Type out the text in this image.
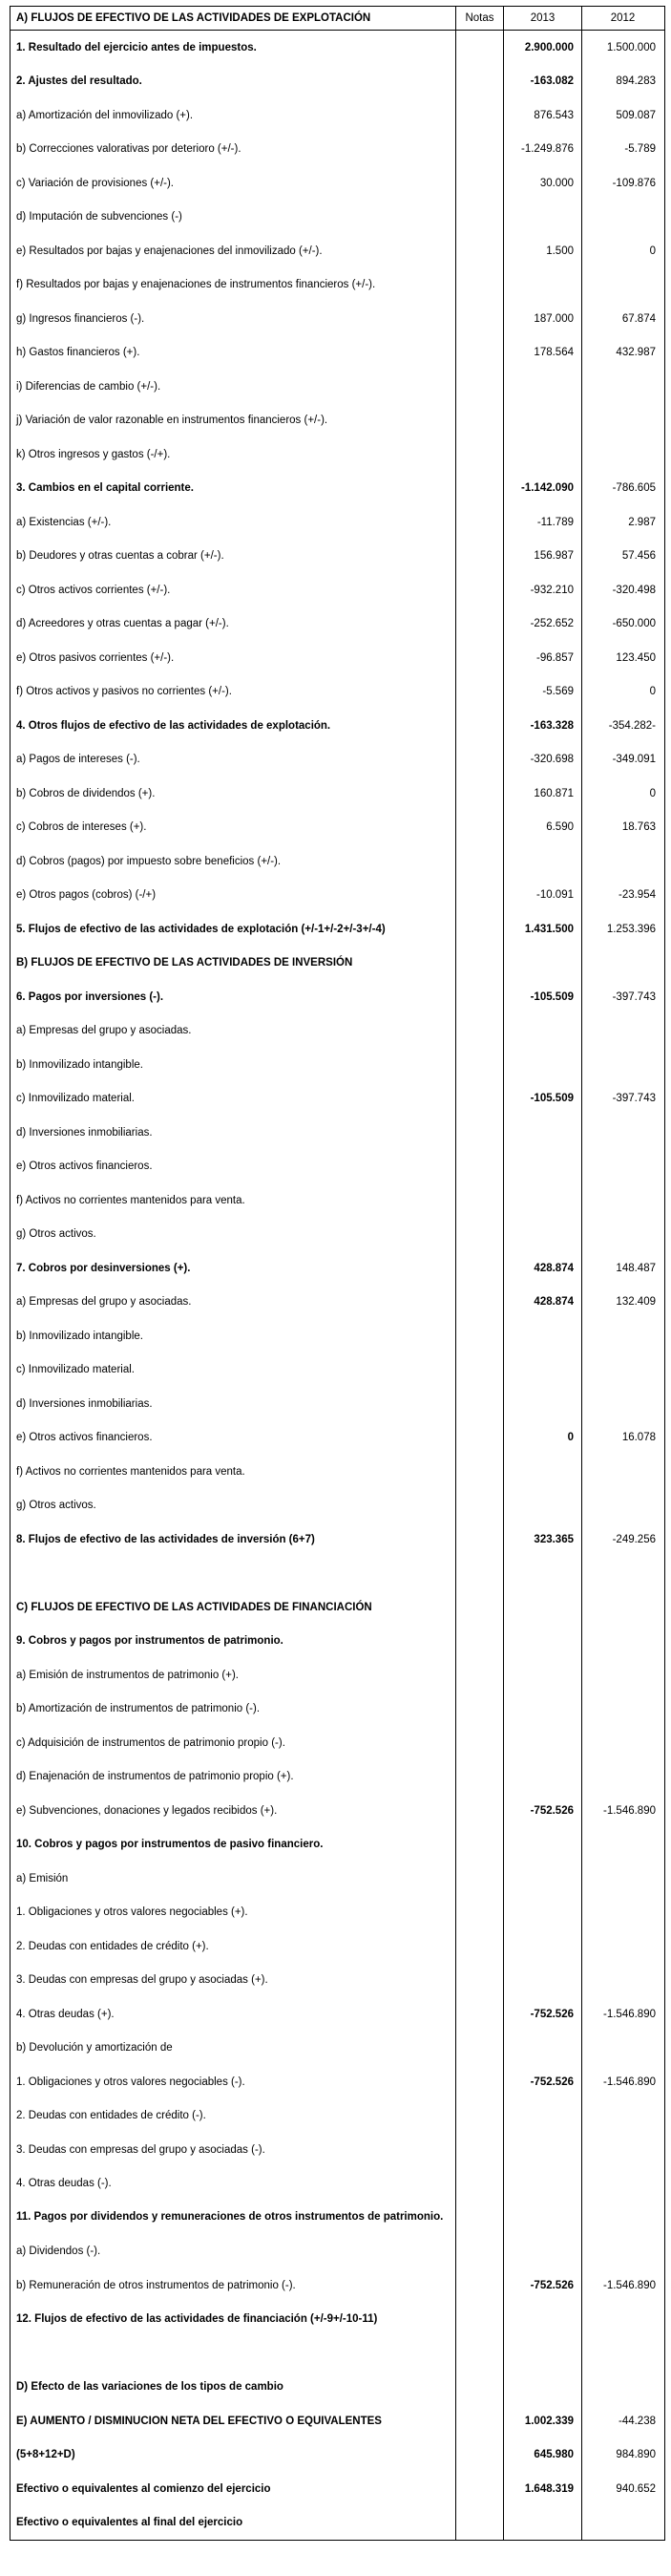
A) FLUJOS DE EFECTIVO DE LAS ACTIVIDADES DE EXPLOTACIÓN	Notas	2013	2012
1. Resultado del ejercicio antes de impuestos.	2.900.000	1.500.000
2. Ajustes del resultado.	-163.082	894.283
a) Amortización del inmovilizado (+).	876.543	509.087
b) Correcciones valorativas por deterioro (+/-).	-1.249.876	-5.789
c) Variación de provisiones (+/-).	30.000	-109.876
d) Imputación de subvenciones (-)
e) Resultados por bajas y enajenaciones del inmovilizado (+/-).	1.500	0
f) Resultados por bajas y enajenaciones de instrumentos financieros (+/-).
g) Ingresos financieros (-).	187.000	67.874
h) Gastos financieros (+).	178.564	432.987
i) Diferencias de cambio (+/-).
j) Variación de valor razonable en instrumentos financieros (+/-).
k) Otros ingresos y gastos (-/+).
3. Cambios en el capital corriente.	-1.142.090	-786.605
a) Existencias (+/-).	-11.789	2.987
b) Deudores y otras cuentas a cobrar (+/-).	156.987	57.456
c) Otros activos corrientes (+/-).	-932.210	-320.498
d) Acreedores y otras cuentas a pagar (+/-).	-252.652	-650.000
e) Otros pasivos corrientes (+/-).	-96.857	123.450
f) Otros activos y pasivos no corrientes (+/-).	-5.569	0
4. Otros flujos de efectivo de las actividades de explotación.	-163.328	-354.282-
a) Pagos de intereses (-).	-320.698	-349.091
b) Cobros de dividendos (+).	160.871	0
c) Cobros de intereses (+).	6.590	18.763
d) Cobros (pagos) por impuesto sobre beneficios (+/-).
e) Otros pagos (cobros) (-/+)	-10.091	-23.954
5. Flujos de efectivo de las actividades de explotación (+/-1+/-2+/-3+/-4)	1.431.500	1.253.396
B) FLUJOS DE EFECTIVO DE LAS ACTIVIDADES DE INVERSIÓN
6. Pagos por inversiones (-).	-105.509	-397.743
a) Empresas del grupo y asociadas.
b) Inmovilizado intangible.
c) Inmovilizado material.	-105.509	-397.743
d) Inversiones inmobiliarias.
e) Otros activos financieros.
f) Activos no corrientes mantenidos para venta.
g) Otros activos.
7. Cobros por desinversiones (+).	428.874	148.487
a) Empresas del grupo y asociadas.	428.874	132.409
b) Inmovilizado intangible.
c) Inmovilizado material.
d) Inversiones inmobiliarias.
e) Otros activos financieros.	0	16.078
f) Activos no corrientes mantenidos para venta.
g) Otros activos.
8. Flujos de efectivo de las actividades de inversión (6+7)	323.365	-249.256
C) FLUJOS DE EFECTIVO DE LAS ACTIVIDADES DE FINANCIACIÓN
9. Cobros y pagos por instrumentos de patrimonio.
a) Emisión de instrumentos de patrimonio (+).
b) Amortización de instrumentos de patrimonio (-).
c) Adquisición de instrumentos de patrimonio propio (-).
d) Enajenación de instrumentos de patrimonio propio (+).
e) Subvenciones, donaciones y legados recibidos (+).	-752.526	-1.546.890
10. Cobros y pagos por instrumentos de pasivo financiero.
a) Emisión
1. Obligaciones y otros valores negociables (+).
2. Deudas con entidades de crédito (+).
3. Deudas con empresas del grupo y asociadas (+).
4. Otras deudas (+).	-752.526	-1.546.890
b) Devolución y amortización de
1. Obligaciones y otros valores negociables (-).	-752.526	-1.546.890
2. Deudas con entidades de crédito (-).
3. Deudas con empresas del grupo y asociadas (-).
4. Otras deudas (-).
11. Pagos por dividendos y remuneraciones de otros instrumentos de patrimonio.
a) Dividendos (-).
b) Remuneración de otros instrumentos de patrimonio (-).	-752.526	-1.546.890
12. Flujos de efectivo de las actividades de financiación (+/-9+/-10-11)
D) Efecto de las variaciones de los tipos de cambio
E) AUMENTO / DISMINUCION NETA DEL EFECTIVO O EQUIVALENTES	1.002.339	-44.238
(5+8+12+D)	645.980	984.890
Efectivo o equivalentes al comienzo del ejercicio	1.648.319	940.652
Efectivo o equivalentes al final del ejercicio
